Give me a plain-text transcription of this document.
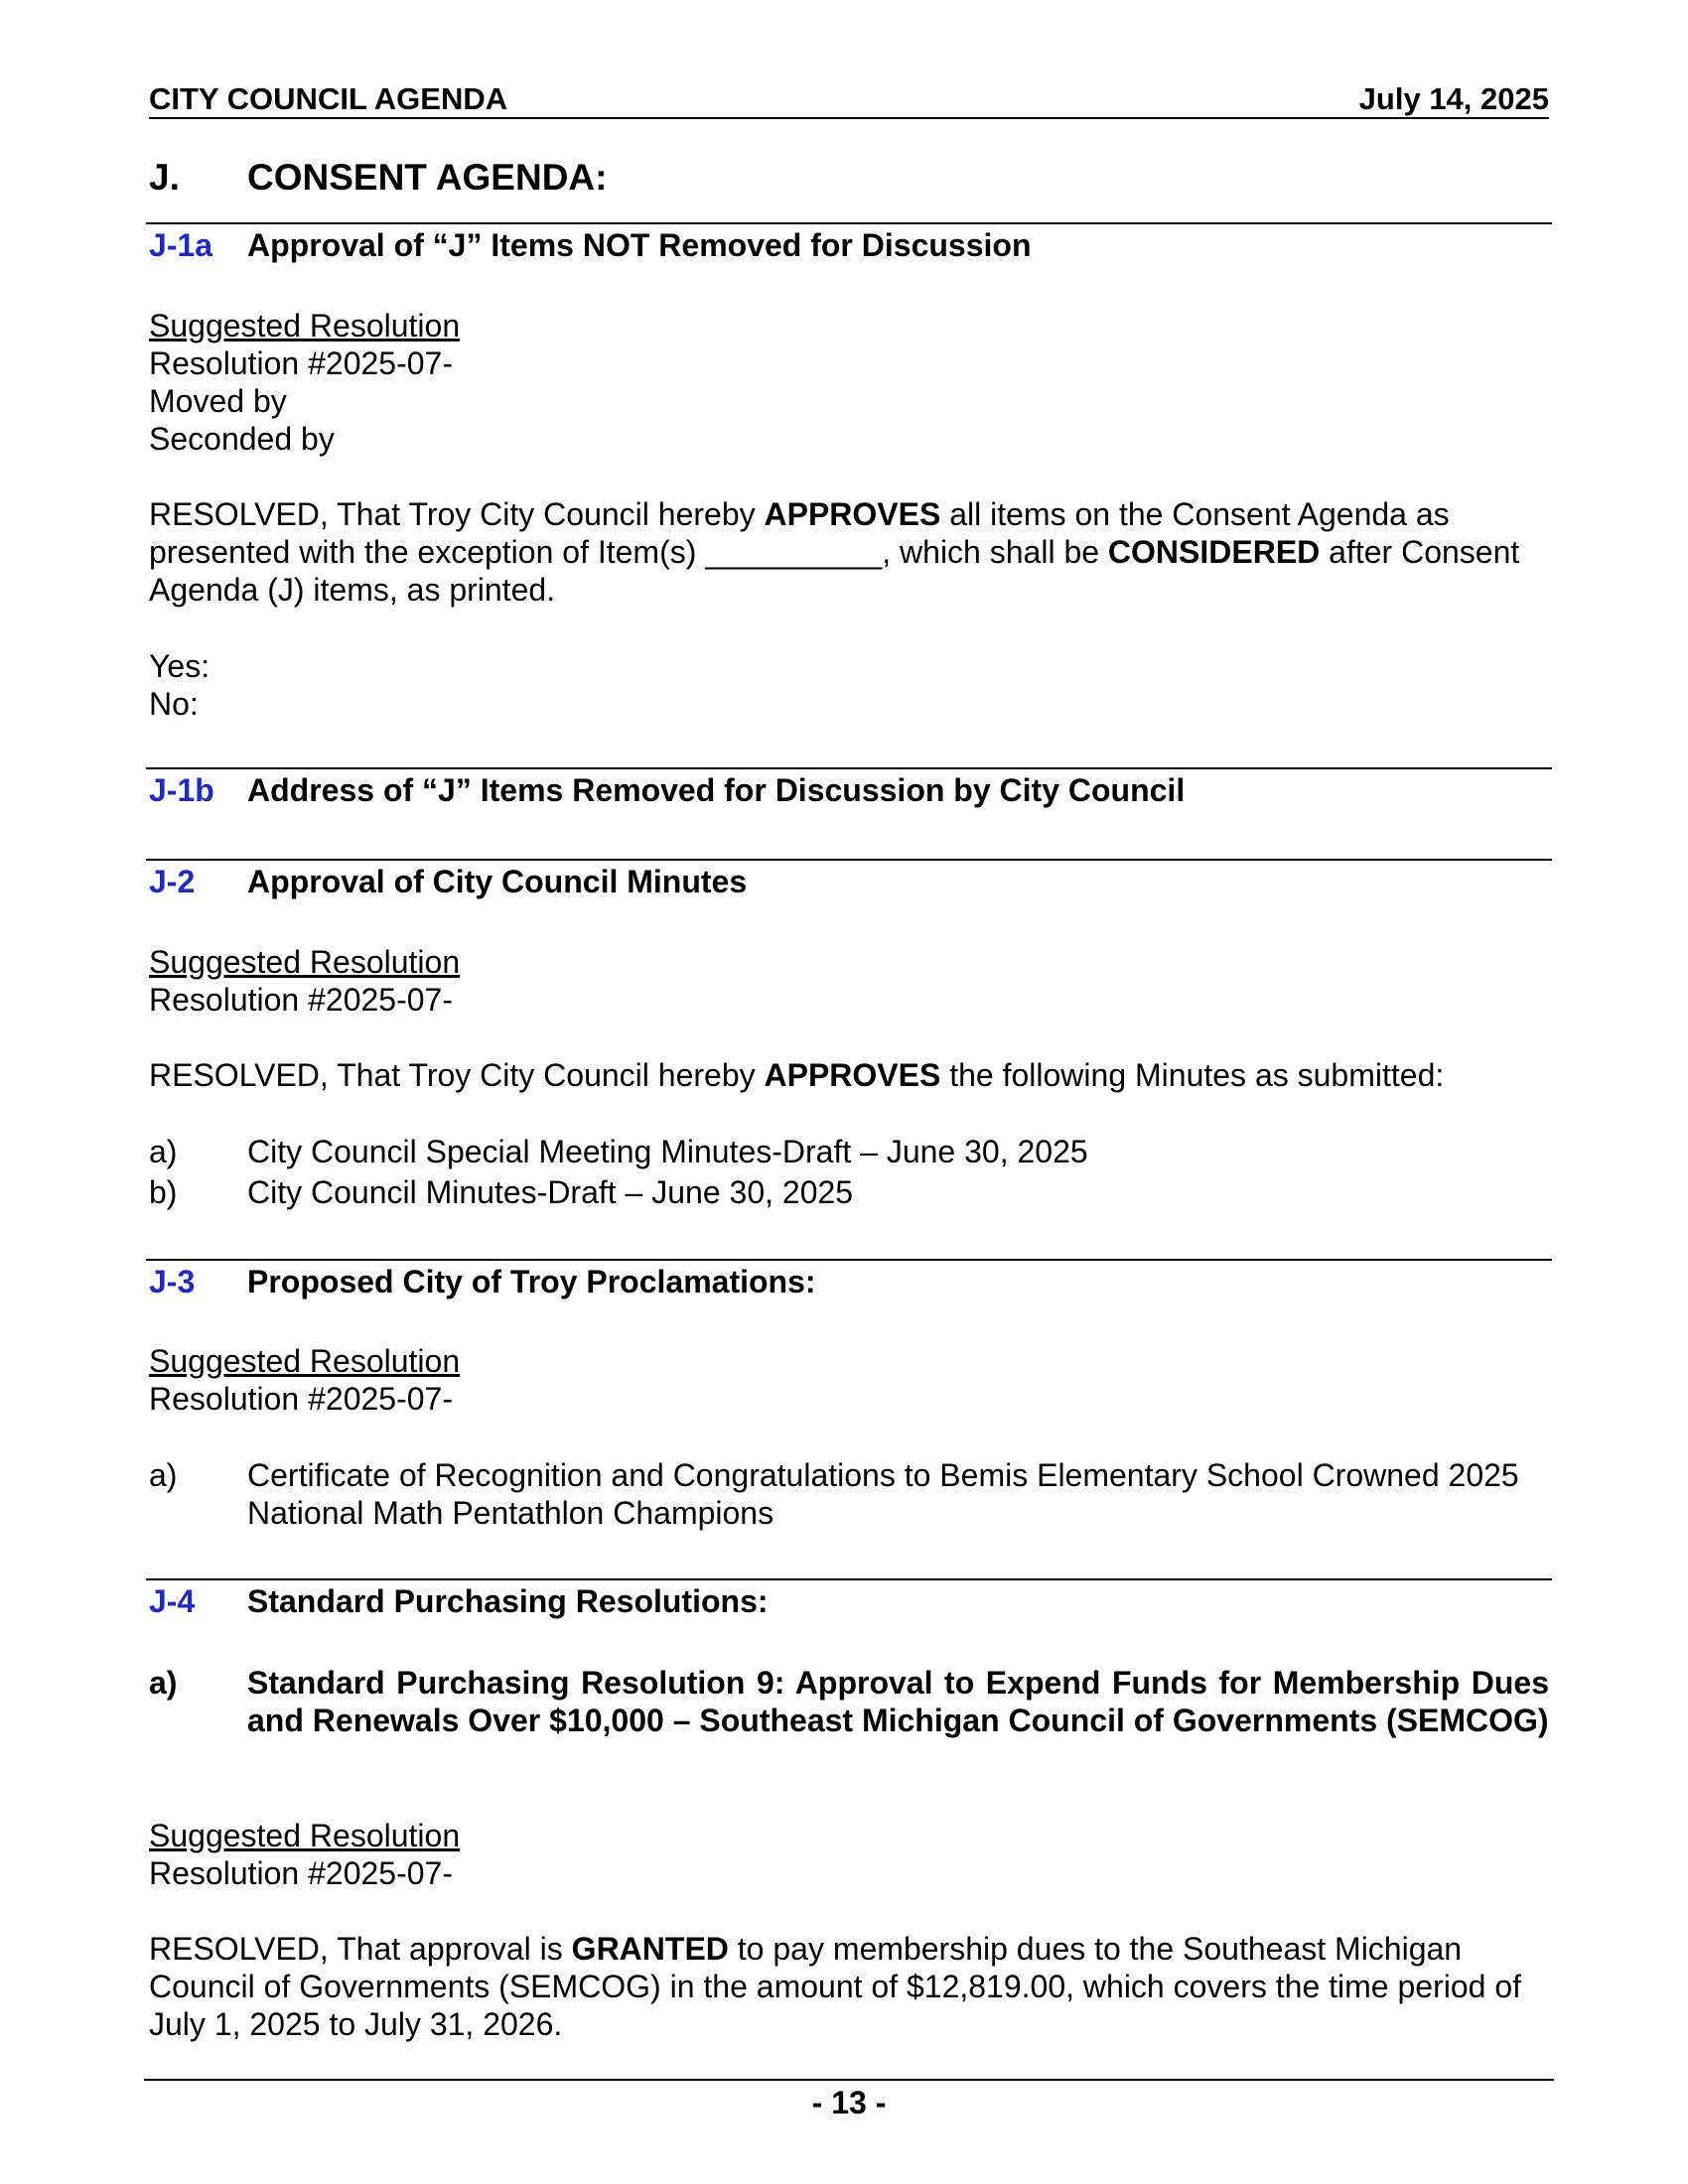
CITY COUNCIL AGENDA	July 14, 2025
J. CONSENT AGENDA:
J-1a Approval of “J” Items NOT Removed for Discussion
Suggested Resolution
Resolution #2025-07-
Moved by
Seconded by
RESOLVED, That Troy City Council hereby APPROVES all items on the Consent Agenda as presented with the exception of Item(s) __________, which shall be CONSIDERED after Consent Agenda (J) items, as printed.
Yes:
No:
J-1b Address of “J” Items Removed for Discussion by City Council
J-2 Approval of City Council Minutes
Suggested Resolution
Resolution #2025-07-
RESOLVED, That Troy City Council hereby APPROVES the following Minutes as submitted:
a) City Council Special Meeting Minutes-Draft – June 30, 2025
b) City Council Minutes-Draft – June 30, 2025
J-3 Proposed City of Troy Proclamations:
Suggested Resolution
Resolution #2025-07-
a) Certificate of Recognition and Congratulations to Bemis Elementary School Crowned 2025 National Math Pentathlon Champions
J-4 Standard Purchasing Resolutions:
a) Standard Purchasing Resolution 9: Approval to Expend Funds for Membership Dues and Renewals Over $10,000 – Southeast Michigan Council of Governments (SEMCOG)
Suggested Resolution
Resolution #2025-07-
RESOLVED, That approval is GRANTED to pay membership dues to the Southeast Michigan Council of Governments (SEMCOG) in the amount of $12,819.00, which covers the time period of July 1, 2025 to July 31, 2026.
- 13 -
